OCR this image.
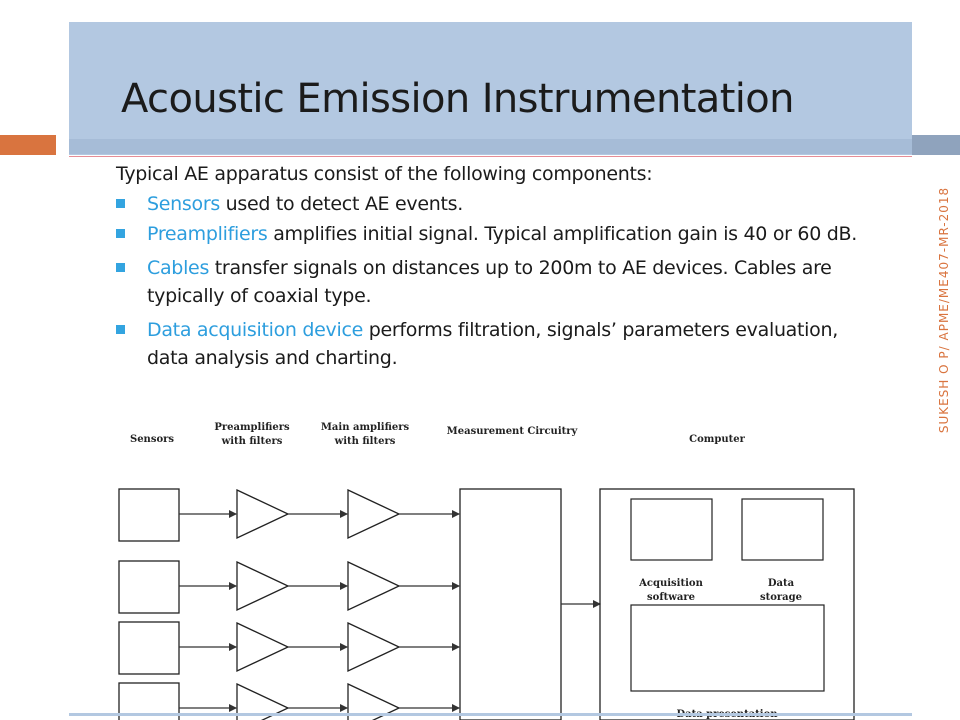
Acoustic Emission Instrumentation

Typical AE apparatus consist of the following components:

Sensors used to detect AE events.
Preamplifiers amplifies initial signal. Typical amplification gain is 40 or 60 dB.
Cables transfer signals on distances up to 200m to AE devices. Cables are typically of coaxial type.
Data acquisition device performs filtration, signals’ parameters evaluation, data analysis and charting.
Sensors
Preamplifiers
with filters
Main amplifiers
with filters
Measurement Circuitry
Computer
Acquisition
software
Data
storage
SUKESH O P/ APME/ME407-MR-2018
